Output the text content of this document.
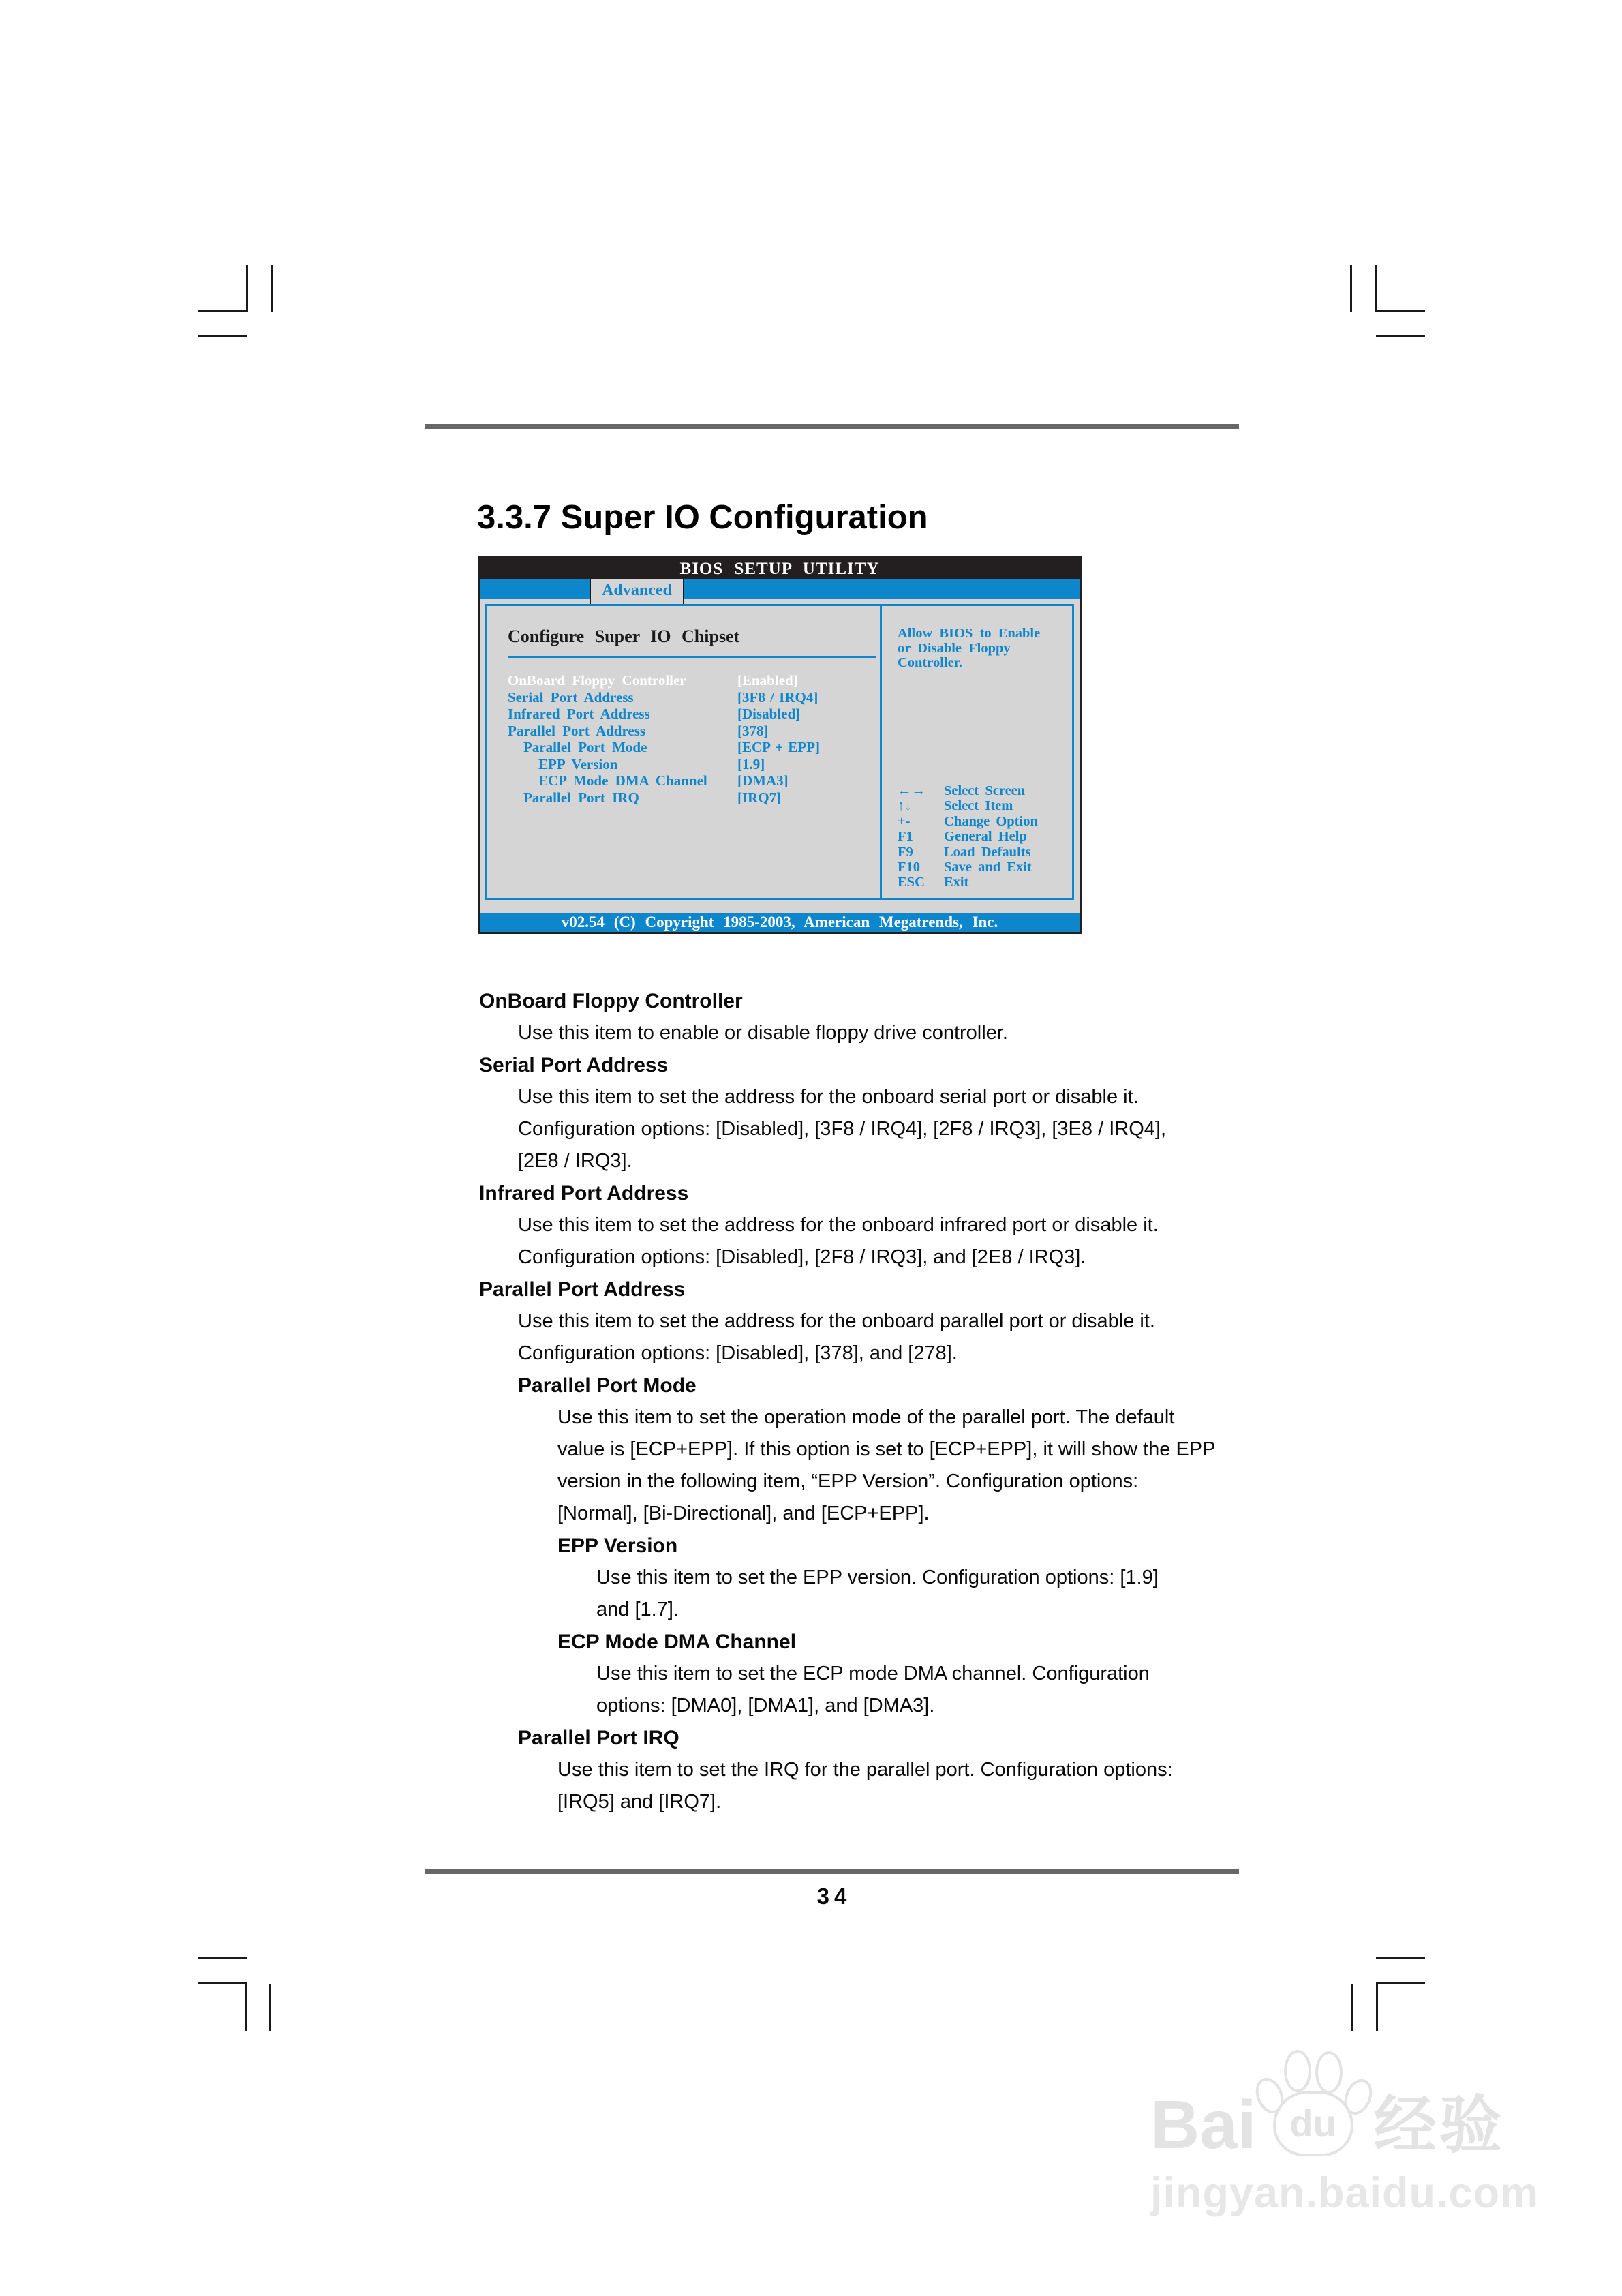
3.3.7 Super IO Configuration
BIOS SETUP UTILITY
Advanced
Configure Super IO Chipset
OnBoard Floppy Controller	[Enabled]
Serial Port Address	[3F8 / IRQ4]
Infrared Port Address	[Disabled]
Parallel Port Address	[378]
Parallel Port Mode	[ECP + EPP]
EPP Version	[1.9]
ECP Mode DMA Channel [DMA3]
Parallel Port IRQ	[IRQ7]
Allow BIOS to Enable
or Disable Floppy
Controller.
←→ Select Screen
↑↓ Select Item
+- Change Option
F1 General Help
F9 Load Defaults
F10 Save and Exit
ESC Exit
v02.54 (C) Copyright 1985-2003, American Megatrends, Inc.
OnBoard Floppy Controller
Use this item to enable or disable floppy drive controller.
Serial Port Address
Use this item to set the address for the onboard serial port or disable it.
Configuration options: [Disabled], [3F8 / IRQ4], [2F8 / IRQ3], [3E8 / IRQ4],
[2E8 / IRQ3].
Infrared Port Address
Use this item to set the address for the onboard infrared port or disable it.
Configuration options: [Disabled], [2F8 / IRQ3], and [2E8 / IRQ3].
Parallel Port Address
Use this item to set the address for the onboard parallel port or disable it.
Configuration options: [Disabled], [378], and [278].
Parallel Port Mode
Use this item to set the operation mode of the parallel port. The default
value is [ECP+EPP]. If this option is set to [ECP+EPP], it will show the EPP
version in the following item, “EPP Version”. Configuration options:
[Normal], [Bi-Directional], and [ECP+EPP].
EPP Version
Use this item to set the EPP version. Configuration options: [1.9]
and [1.7].
ECP Mode DMA Channel
Use this item to set the ECP mode DMA channel. Configuration
options: [DMA0], [DMA1], and [DMA3].
Parallel Port IRQ
Use this item to set the IRQ for the parallel port. Configuration options:
[IRQ5] and [IRQ7].
34
Bai du 经验
jingyan.baidu.com
